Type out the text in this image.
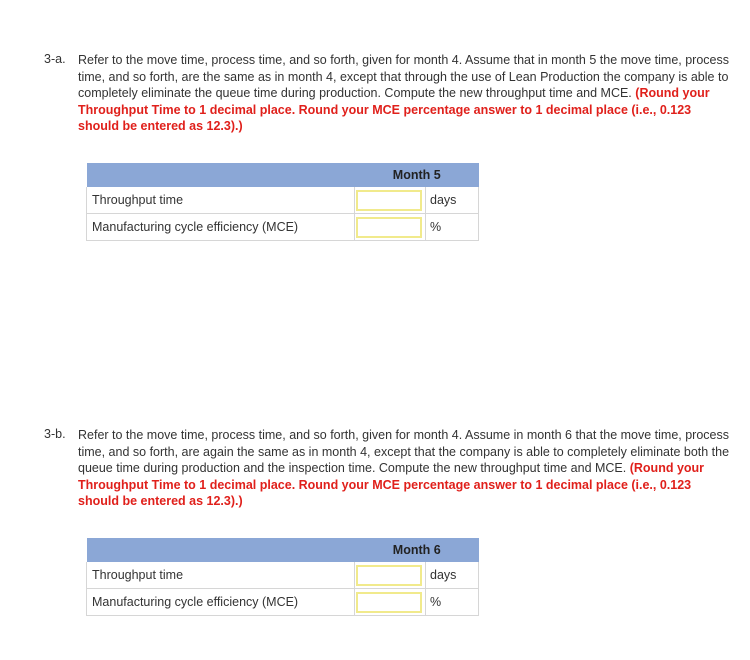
3-a. Refer to the move time, process time, and so forth, given for month 4. Assume that in month 5 the move time, process time, and so forth, are the same as in month 4, except that through the use of Lean Production the company is able to completely eliminate the queue time during production. Compute the new throughput time and MCE. (Round your Throughput Time to 1 decimal place. Round your MCE percentage answer to 1 decimal place (i.e., 0.123 should be entered as 12.3).)
	Month 5	
Throughput time		days
Manufacturing cycle efficiency (MCE)		%
3-b. Refer to the move time, process time, and so forth, given for month 4. Assume in month 6 that the move time, process time, and so forth, are again the same as in month 4, except that the company is able to completely eliminate both the queue time during production and the inspection time. Compute the new throughput time and MCE. (Round your Throughput Time to 1 decimal place. Round your MCE percentage answer to 1 decimal place (i.e., 0.123 should be entered as 12.3).)
	Month 6	
Throughput time		days
Manufacturing cycle efficiency (MCE)		%
